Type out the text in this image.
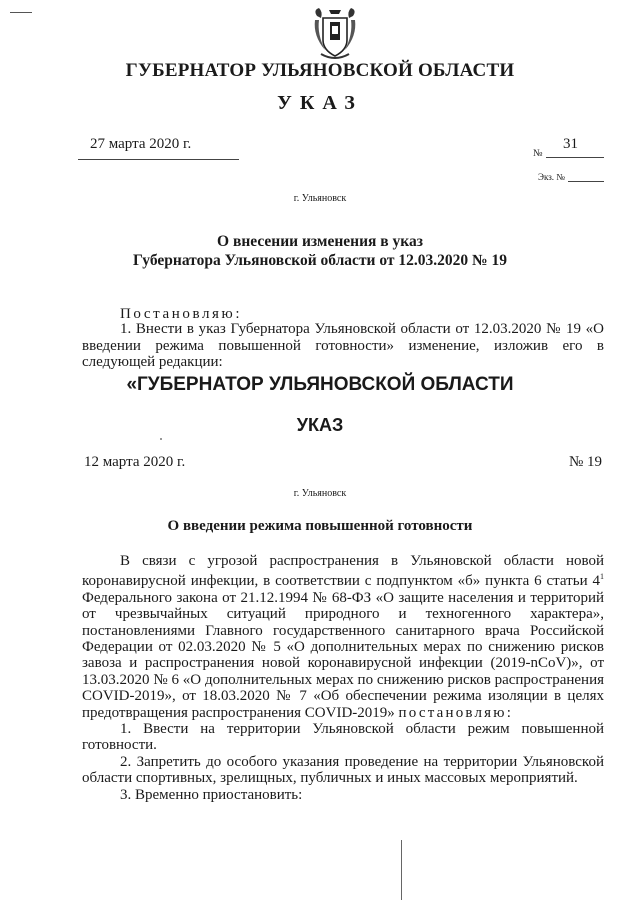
ГУБЕРНАТОР УЛЬЯНОВСКОЙ ОБЛАСТИ
УКАЗ
27 марта 2020 г.
№
31
Экз. №
г. Ульяновск
О внесении изменения в указ
Губернатора Ульяновской области от 12.03.2020 № 19
Постановляю:
1. Внести в указ Губернатора Ульяновской области от 12.03.2020 № 19 «О введении режима повышенной готовности» изменение, изложив его в следующей редакции:
«ГУБЕРНАТОР УЛЬЯНОВСКОЙ ОБЛАСТИ
УКАЗ
12 марта 2020 г.	№ 19
г. Ульяновск
О введении режима повышенной готовности

В связи с угрозой распространения в Ульяновской области новой коронавирусной инфекции, в соответствии с подпунктом «б» пункта 6 статьи $4^1$ Федерального закона от 21.12.1994 № 68-ФЗ «О защите населения и территорий от чрезвычайных ситуаций природного и техногенного характера», постановлениями Главного государственного санитарного врача Российской Федерации от 02.03.2020 № 5 «О дополнительных мерах по снижению рисков завоза и распространения новой коронавирусной инфекции (2019-nCoV)», от 13.03.2020 № 6 «О дополнительных мерах по снижению рисков распространения COVID-2019», от 18.03.2020 № 7 «Об обеспечении режима изоляции в целях предотвращения распространения COVID-2019» постановляю:

1. Ввести на территории Ульяновской области режим повышенной готовности.

2. Запретить до особого указания проведение на территории Ульяновской области спортивных, зрелищных, публичных и иных массовых мероприятий.

3. Временно приостановить:
